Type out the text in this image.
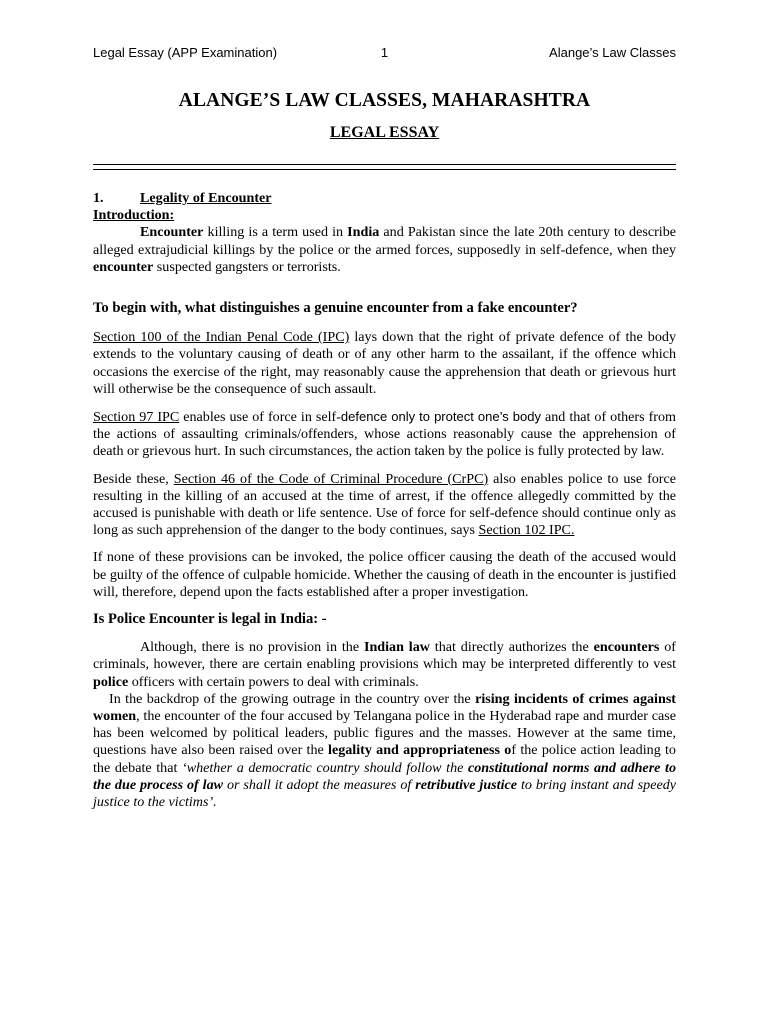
Legal Essay (APP Examination)	1	Alange’s Law Classes
ALANGE’S LAW CLASSES, MAHARASHTRA
LEGAL ESSAY

1.	Legality of Encounter

Introduction:

Encounter killing is a term used in India and Pakistan since the late 20th century to describe alleged extrajudicial killings by the police or the armed forces, supposedly in self-defence, when they encounter suspected gangsters or terrorists.

To begin with, what distinguishes a genuine encounter from a fake encounter?

Section 100 of the Indian Penal Code (IPC) lays down that the right of private defence of the body extends to the voluntary causing of death or of any other harm to the assailant, if the offence which occasions the exercise of the right, may reasonably cause the apprehension that death or grievous hurt will otherwise be the consequence of such assault.

Section 97 IPC enables use of force in self-defence only to protect one’s body and that of others from the actions of assaulting criminals/offenders, whose actions reasonably cause the apprehension of death or grievous hurt. In such circumstances, the action taken by the police is fully protected by law.

Beside these, Section 46 of the Code of Criminal Procedure (CrPC) also enables police to use force resulting in the killing of an accused at the time of arrest, if the offence allegedly committed by the accused is punishable with death or life sentence. Use of force for self-defence should continue only as long as such apprehension of the danger to the body continues, says Section 102 IPC.

If none of these provisions can be invoked, the police officer causing the death of the accused would be guilty of the offence of culpable homicide. Whether the causing of death in the encounter is justified will, therefore, depend upon the facts established after a proper investigation.

Is Police Encounter is legal in India: -

Although, there is no provision in the Indian law that directly authorizes the encounters of criminals, however, there are certain enabling provisions which may be interpreted differently to vest police officers with certain powers to deal with criminals.

In the backdrop of the growing outrage in the country over the rising incidents of crimes against women, the encounter of the four accused by Telangana police in the Hyderabad rape and murder case has been welcomed by political leaders, public figures and the masses. However at the same time, questions have also been raised over the legality and appropriateness of the police action leading to the debate that ‘whether a democratic country should follow the constitutional norms and adhere to the due process of law or shall it adopt the measures of retributive justice to bring instant and speedy justice to the victims’.
